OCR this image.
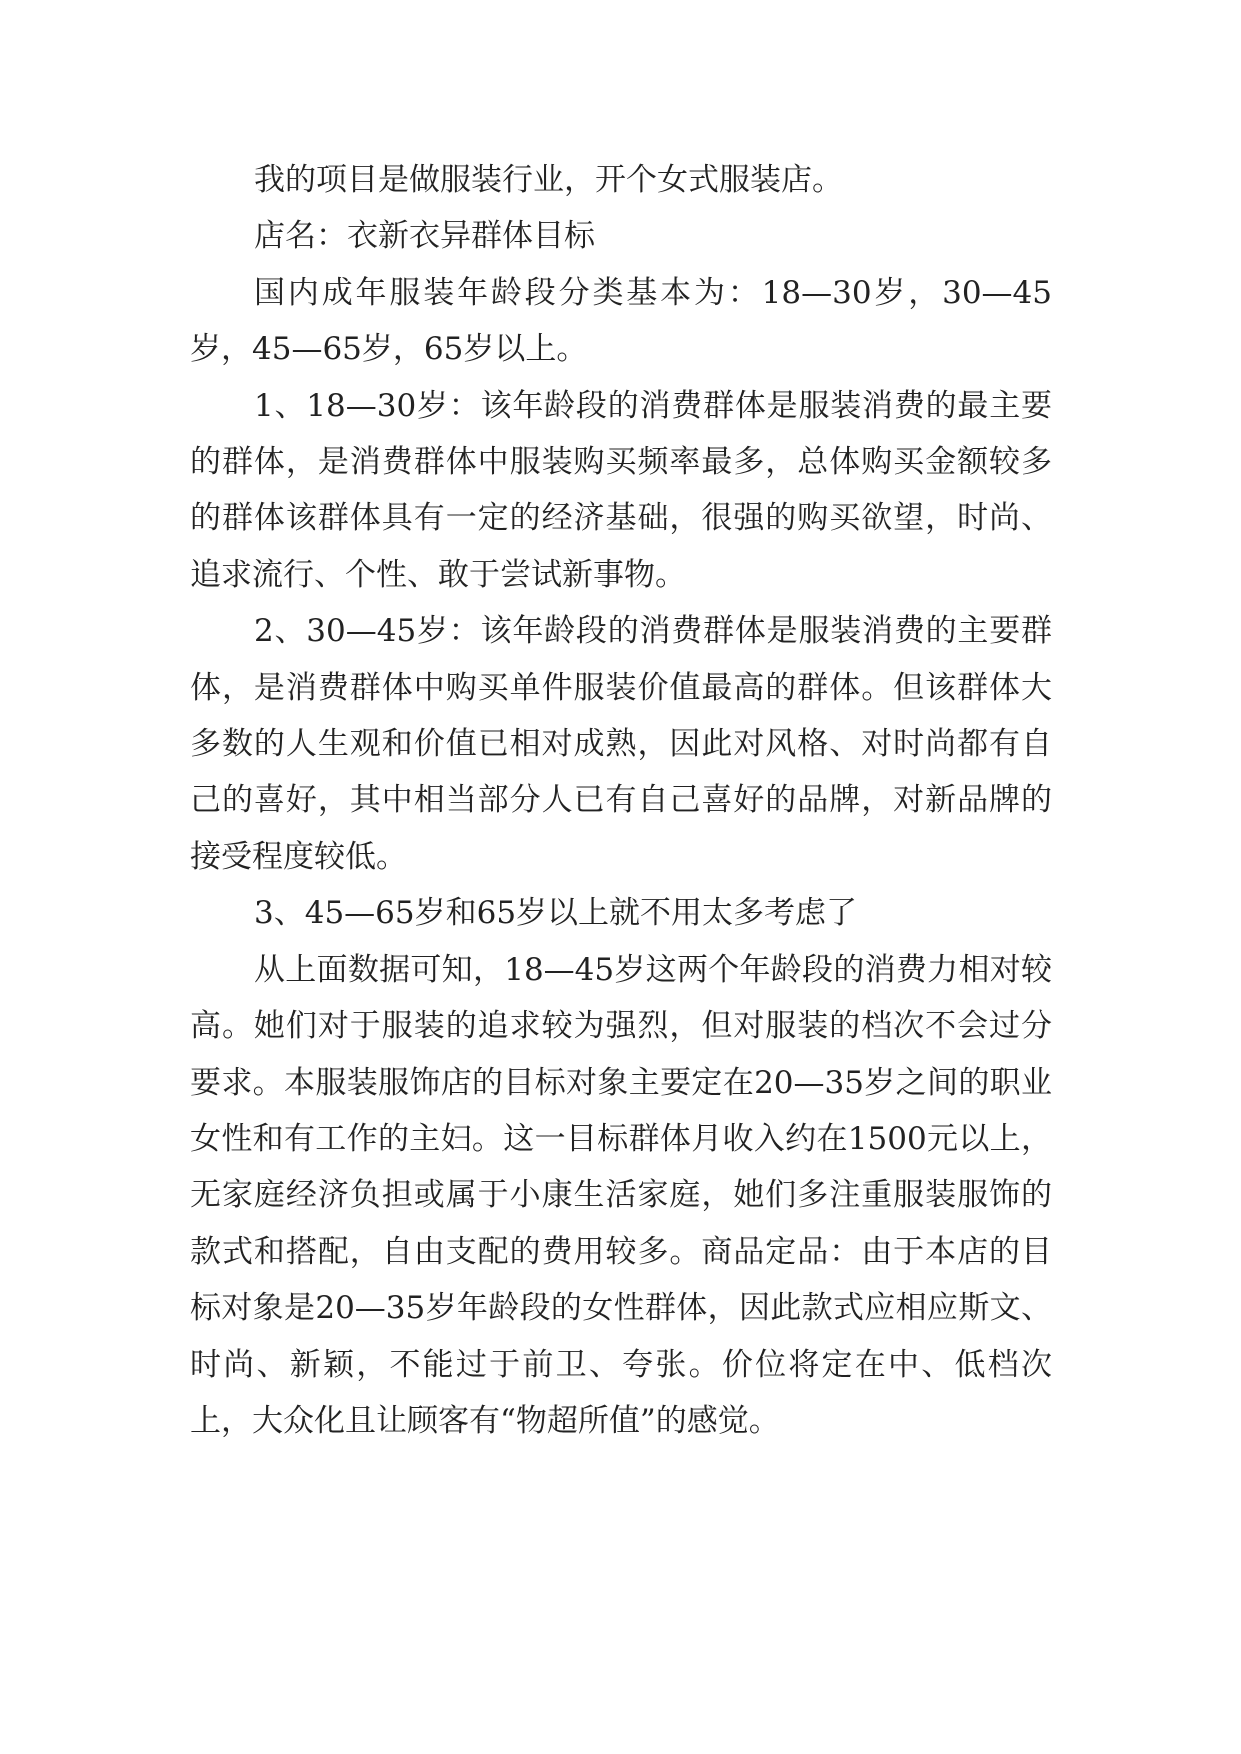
我的项目是做服装行业，开个女式服装店。

店名：衣新衣异群体目标

国内成年服装年龄段分类基本为：18—30岁，30—45岁，45—65岁，65岁以上。

1、18—30岁：该年龄段的消费群体是服装消费的最主要的群体，是消费群体中服装购买频率最多，总体购买金额较多的群体该群体具有一定的经济基础，很强的购买欲望，时尚、追求流行、个性、敢于尝试新事物。

2、30—45岁：该年龄段的消费群体是服装消费的主要群体，是消费群体中购买单件服装价值最高的群体。但该群体大多数的人生观和价值已相对成熟，因此对风格、对时尚都有自己的喜好，其中相当部分人已有自己喜好的品牌，对新品牌的接受程度较低。

3、45—65岁和65岁以上就不用太多考虑了

从上面数据可知，18—45岁这两个年龄段的消费力相对较高。她们对于服装的追求较为强烈，但对服装的档次不会过分要求。本服装服饰店的目标对象主要定在20—35岁之间的职业女性和有工作的主妇。这一目标群体月收入约在1500元以上，无家庭经济负担或属于小康生活家庭，她们多注重服装服饰的款式和搭配，自由支配的费用较多。商品定品：由于本店的目标对象是20—35岁年龄段的女性群体，因此款式应相应斯文、时尚、新颖，不能过于前卫、夸张。价位将定在中、低档次上，大众化且让顾客有“物超所值”的感觉。
